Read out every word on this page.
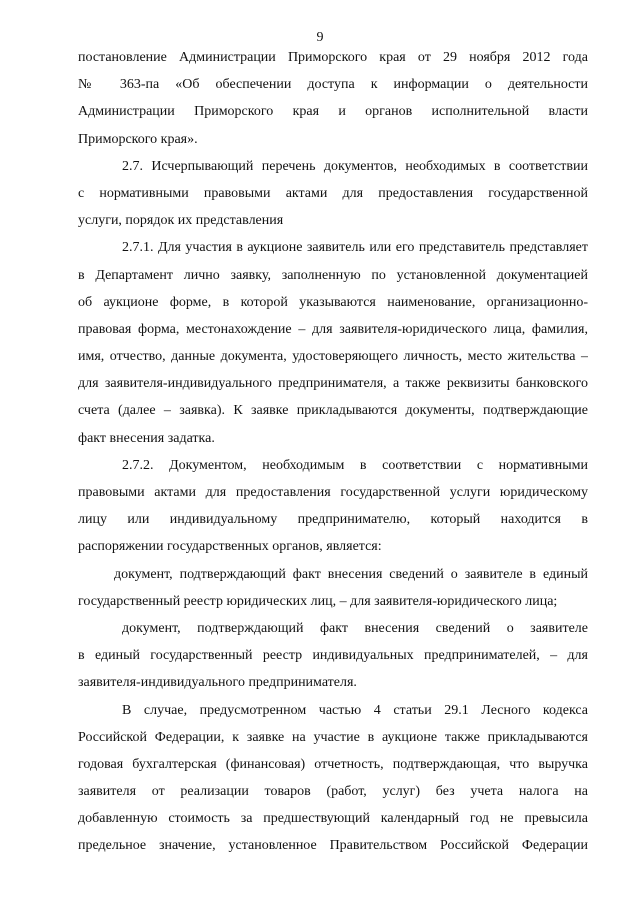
9
постановление Администрации Приморского края от 29 ноября 2012 года
№ 363-па «Об обеспечении доступа к информации о деятельности
Администрации Приморского края и органов исполнительной власти
Приморского края».
2.7. Исчерпывающий перечень документов, необходимых в соответствии
с нормативными правовыми актами для предоставления государственной
услуги, порядок их представления
2.7.1. Для участия в аукционе заявитель или его представитель представляет
в Департамент лично заявку, заполненную по установленной документацией
об аукционе форме, в которой указываются наименование, организационно-
правовая форма, местонахождение – для заявителя-юридического лица, фамилия,
имя, отчество, данные документа, удостоверяющего личность, место жительства –
для заявителя-индивидуального предпринимателя, а также реквизиты банковского
счета (далее – заявка). К заявке прикладываются документы, подтверждающие
факт внесения задатка.
2.7.2. Документом, необходимым в соответствии с нормативными
правовыми актами для предоставления государственной услуги юридическому
лицу или индивидуальному предпринимателю, который находится в
распоряжении государственных органов, является:
документ, подтверждающий факт внесения сведений о заявителе в единый
государственный реестр юридических лиц, – для заявителя-юридического лица;
документ, подтверждающий факт внесения сведений о заявителе
в единый государственный реестр индивидуальных предпринимателей, – для
заявителя-индивидуального предпринимателя.
В случае, предусмотренном частью 4 статьи 29.1 Лесного кодекса
Российской Федерации, к заявке на участие в аукционе также прикладываются
годовая бухгалтерская (финансовая) отчетность, подтверждающая, что выручка
заявителя от реализации товаров (работ, услуг) без учета налога на
добавленную стоимость за предшествующий календарный год не превысила
предельное значение, установленное Правительством Российской Федерации
